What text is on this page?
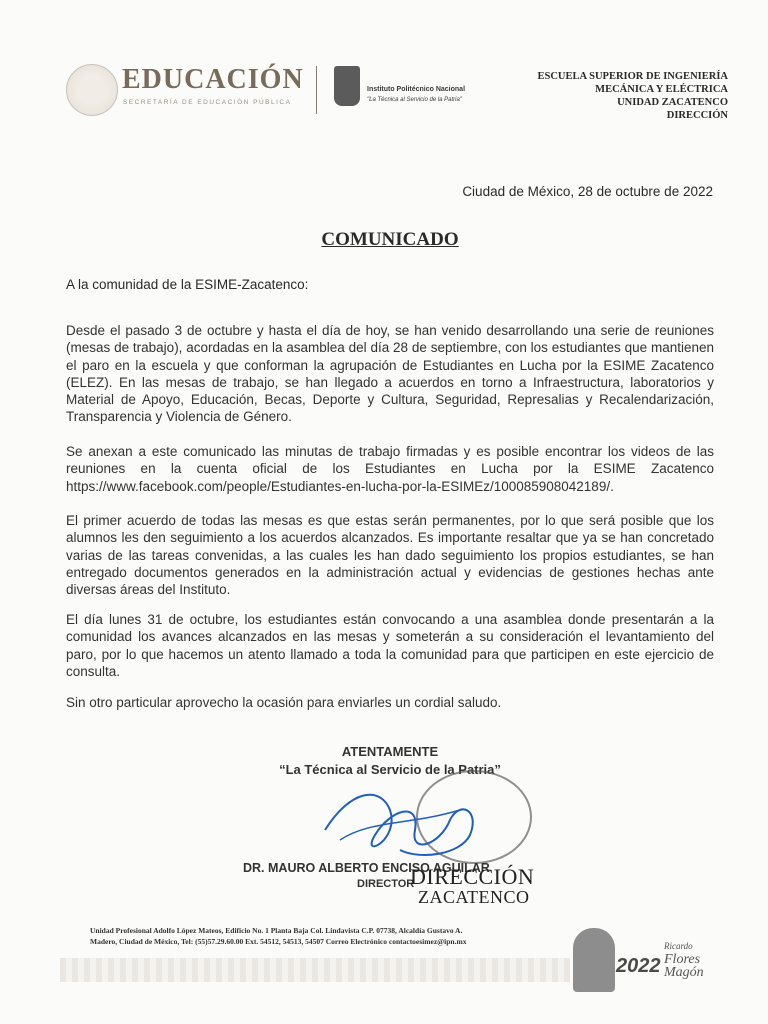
EDUCACIÓN
SECRETARÍA DE EDUCACIÓN PÚBLICA
Instituto Politécnico Nacional
"La Técnica al Servicio de la Patria"
ESCUELA SUPERIOR DE INGENIERÍA
MECÁNICA Y ELÉCTRICA
UNIDAD ZACATENCO
DIRECCIÓN
Ciudad de México, 28 de octubre de 2022
COMUNICADO
A la comunidad de la ESIME-Zacatenco:
Desde el pasado 3 de octubre y hasta el día de hoy, se han venido desarrollando una serie de reuniones (mesas de trabajo), acordadas en la asamblea del día 28 de septiembre, con los estudiantes que mantienen el paro en la escuela y que conforman la agrupación de Estudiantes en Lucha por la ESIME Zacatenco (ELEZ). En las mesas de trabajo, se han llegado a acuerdos en torno a Infraestructura, laboratorios y Material de Apoyo, Educación, Becas, Deporte y Cultura, Seguridad, Represalias y Recalendarización, Transparencia y Violencia de Género.
Se anexan a este comunicado las minutas de trabajo firmadas y es posible encontrar los videos de las reuniones en la cuenta oficial de los Estudiantes en Lucha por la ESIME Zacatenco https://www.facebook.com/people/Estudiantes-en-lucha-por-la-ESIMEz/100085908042189/.
El primer acuerdo de todas las mesas es que estas serán permanentes, por lo que será posible que los alumnos les den seguimiento a los acuerdos alcanzados. Es importante resaltar que ya se han concretado varias de las tareas convenidas, a las cuales les han dado seguimiento los propios estudiantes, se han entregado documentos generados en la administración actual y evidencias de gestiones hechas ante diversas áreas del Instituto.
El día lunes 31 de octubre, los estudiantes están convocando a una asamblea donde presentarán a la comunidad los avances alcanzados en las mesas y someterán a su consideración el levantamiento del paro, por lo que hacemos un atento llamado a toda la comunidad para que participen en este ejercicio de consulta.
Sin otro particular aprovecho la ocasión para enviarles un cordial saludo.
ATENTAMENTE
“La Técnica al Servicio de la Patria”
DR. MAURO ALBERTO ENCISO AGUILAR
DIRECTOR
DIRECCIÓN
ZACATENCO
Unidad Profesional Adolfo López Mateos, Edificio No. 1 Planta Baja Col. Lindavista C.P. 07738, Alcaldía Gustavo A.
Madero, Ciudad de México, Tel: (55)57.29.60.00 Ext. 54512, 54513, 54507 Correo Electrónico contactoesimez@ipn.mx
2022
Ricardo
Flores
Magón
